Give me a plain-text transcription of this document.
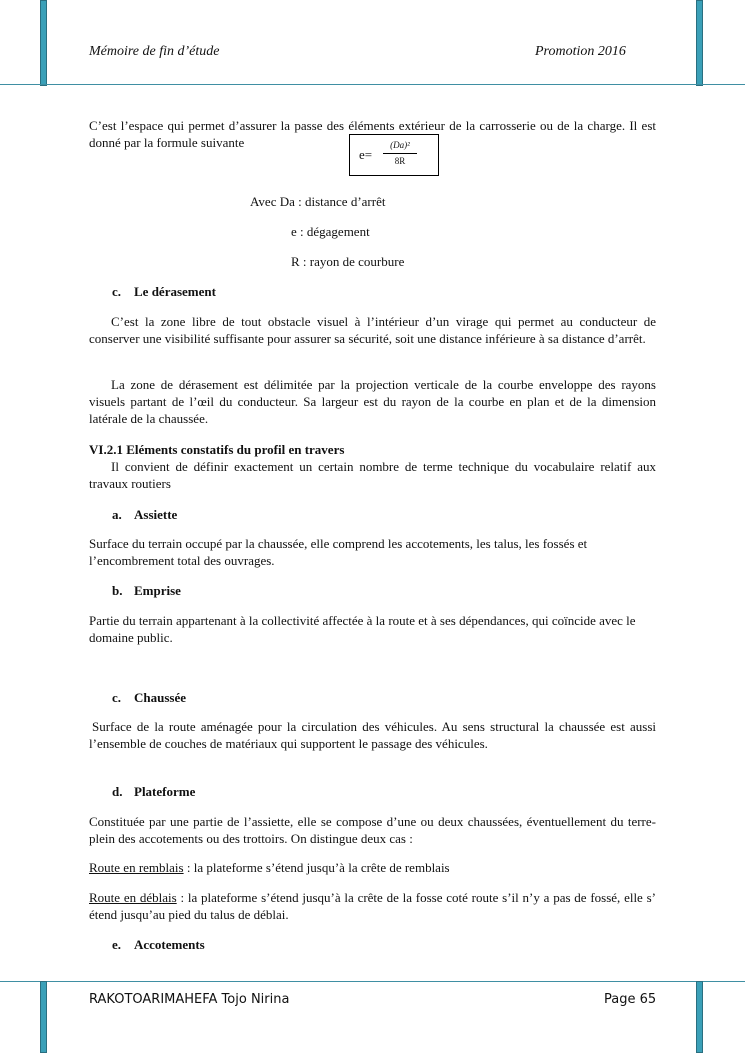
Mémoire de fin d’étude	Promotion 2016

C’est l’espace qui permet d’assurer la passe des éléments extérieur de la carrosserie ou de la charge. Il est donné par la formule suivante

e=
(Da)²
8R
Avec Da : distance d’arrêt
e : dégagement
R : rayon de courbure
c. Le dérasement

C’est la zone libre de tout obstacle visuel à l’intérieur d’un virage qui permet au conducteur de conserver une visibilité suffisante pour assurer sa sécurité, soit une distance inférieure à sa distance d’arrêt.

La zone de dérasement est délimitée par la projection verticale de la courbe enveloppe des rayons visuels partant de l’œil du conducteur. Sa largeur est du rayon de la courbe en plan et de la dimension latérale de la chaussée.

VI.2.1 Eléments constatifs du profil en travers

Il convient de définir exactement un certain nombre de terme technique du vocabulaire relatif aux travaux routiers

a. Assiette

Surface du terrain occupé par la chaussée, elle comprend les accotements, les talus, les fossés et l’encombrement total des ouvrages.

b. Emprise

Partie du terrain appartenant à la collectivité affectée à la route et à ses dépendances, qui coïncide avec le domaine public.

c. Chaussée

Surface de la route aménagée pour la circulation des véhicules. Au sens structural la chaussée est aussi l’ensemble de couches de matériaux qui supportent le passage des véhicules.

d. Plateforme

Constituée par une partie de l’assiette, elle se compose d’une ou deux chaussées, éventuellement du terre-plein des accotements ou des trottoirs. On distingue deux cas :

Route en remblais : la plateforme s’étend jusqu’à la crête de remblais

Route en déblais : la plateforme s’étend jusqu’à la crête de la fosse coté route s’il n’y a pas de fossé, elle s’ étend jusqu’au pied du talus de déblai.

e. Accotements
RAKOTOARIMAHEFA Tojo Nirina	Page 65
